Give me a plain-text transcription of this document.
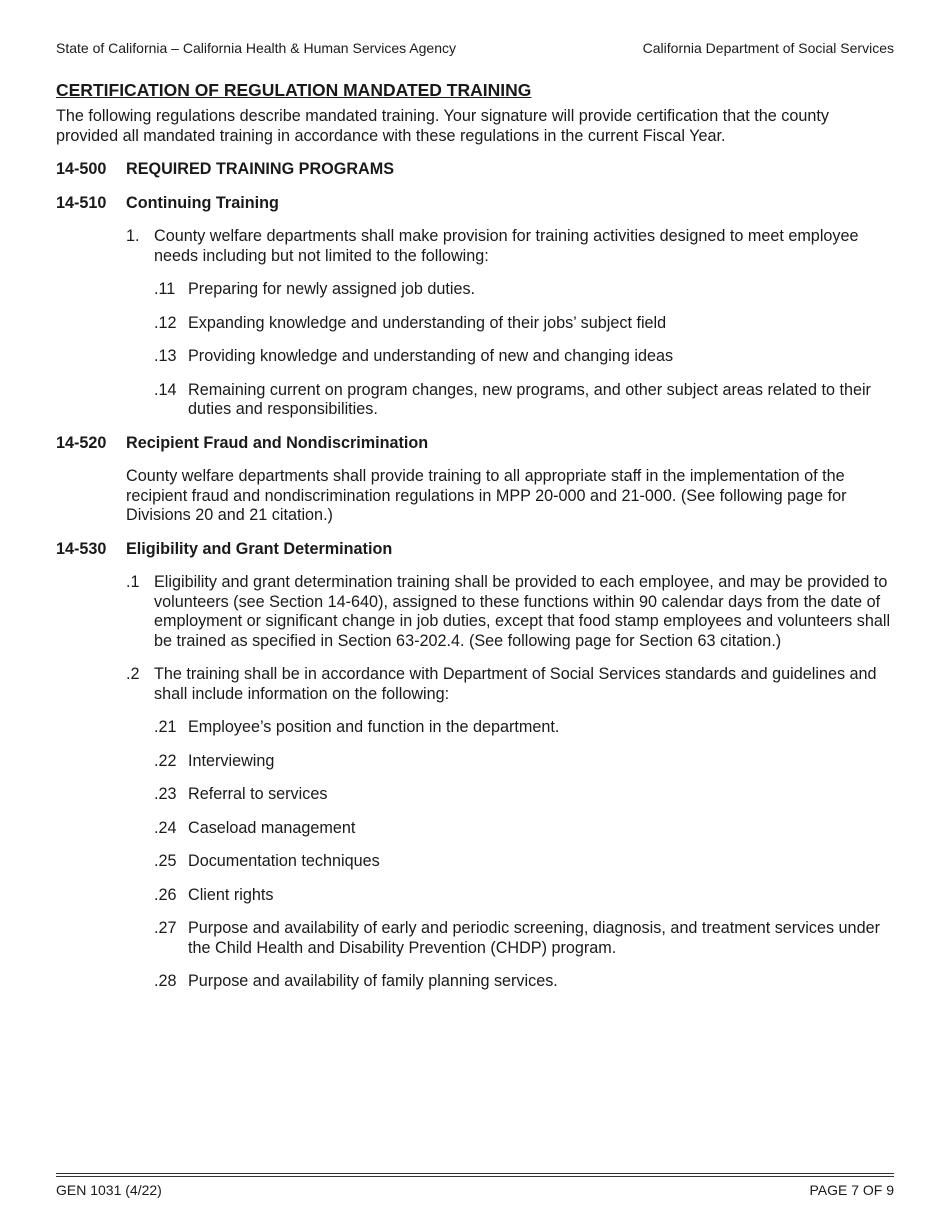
State of California – California Health & Human Services Agency	California Department of Social Services

CERTIFICATION OF REGULATION MANDATED TRAINING

The following regulations describe mandated training. Your signature will provide certification that the county provided all mandated training in accordance with these regulations in the current Fiscal Year.

14-500	REQUIRED TRAINING PROGRAMS
14-510	Continuing Training
1. County welfare departments shall make provision for training activities designed to meet employee needs including but not limited to the following:
.11 Preparing for newly assigned job duties.
.12 Expanding knowledge and understanding of their jobs’ subject field
.13 Providing knowledge and understanding of new and changing ideas
.14 Remaining current on program changes, new programs, and other subject areas related to their duties and responsibilities.
14-520	Recipient Fraud and Nondiscrimination
County welfare departments shall provide training to all appropriate staff in the implementation of the recipient fraud and nondiscrimination regulations in MPP 20-000 and 21-000. (See following page for Divisions 20 and 21 citation.)
14-530	Eligibility and Grant Determination
.1 Eligibility and grant determination training shall be provided to each employee, and may be provided to volunteers (see Section 14-640), assigned to these functions within 90 calendar days from the date of employment or significant change in job duties, except that food stamp employees and volunteers shall be trained as specified in Section 63-202.4. (See following page for Section 63 citation.)
.2 The training shall be in accordance with Department of Social Services standards and guidelines and shall include information on the following:
.21 Employee’s position and function in the department.
.22 Interviewing
.23 Referral to services
.24 Caseload management
.25 Documentation techniques
.26 Client rights
.27 Purpose and availability of early and periodic screening, diagnosis, and treatment services under the Child Health and Disability Prevention (CHDP) program.
.28 Purpose and availability of family planning services.
GEN 1031 (4/22)	PAGE 7 OF 9
